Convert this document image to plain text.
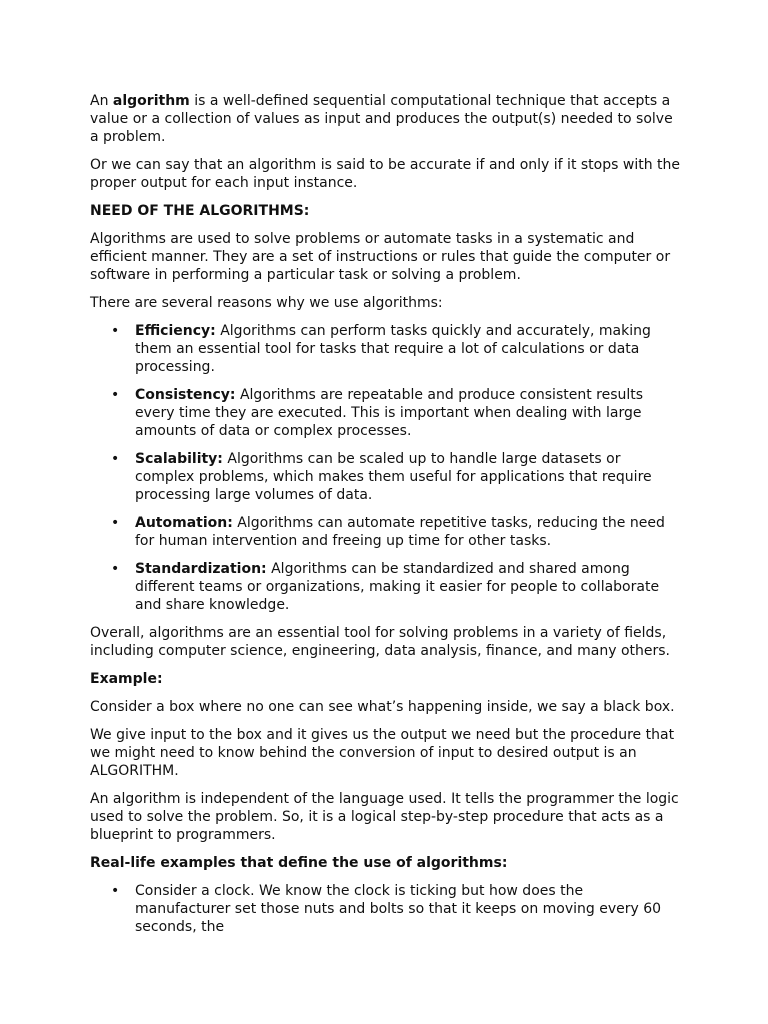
An algorithm is a well-defined sequential computational technique that accepts a value or a collection of values as input and produces the output(s) needed to solve a problem.

Or we can say that an algorithm is said to be accurate if and only if it stops with the proper output for each input instance.

NEED OF THE ALGORITHMS:

Algorithms are used to solve problems or automate tasks in a systematic and efficient manner. They are a set of instructions or rules that guide the computer or software in performing a particular task or solving a problem.

There are several reasons why we use algorithms:

• Efficiency: Algorithms can perform tasks quickly and accurately, making them an essential tool for tasks that require a lot of calculations or data processing.
• Consistency: Algorithms are repeatable and produce consistent results every time they are executed. This is important when dealing with large amounts of data or complex processes.
• Scalability: Algorithms can be scaled up to handle large datasets or complex problems, which makes them useful for applications that require processing large volumes of data.
• Automation: Algorithms can automate repetitive tasks, reducing the need for human intervention and freeing up time for other tasks.
• Standardization: Algorithms can be standardized and shared among different teams or organizations, making it easier for people to collaborate and share knowledge.

Overall, algorithms are an essential tool for solving problems in a variety of fields, including computer science, engineering, data analysis, finance, and many others.

Example:

Consider a box where no one can see what’s happening inside, we say a black box.

We give input to the box and it gives us the output we need but the procedure that we might need to know behind the conversion of input to desired output is an ALGORITHM.

An algorithm is independent of the language used. It tells the programmer the logic used to solve the problem. So, it is a logical step-by-step procedure that acts as a blueprint to programmers.

Real-life examples that define the use of algorithms:

• Consider a clock. We know the clock is ticking but how does the manufacturer set those nuts and bolts so that it keeps on moving every 60 seconds, the
